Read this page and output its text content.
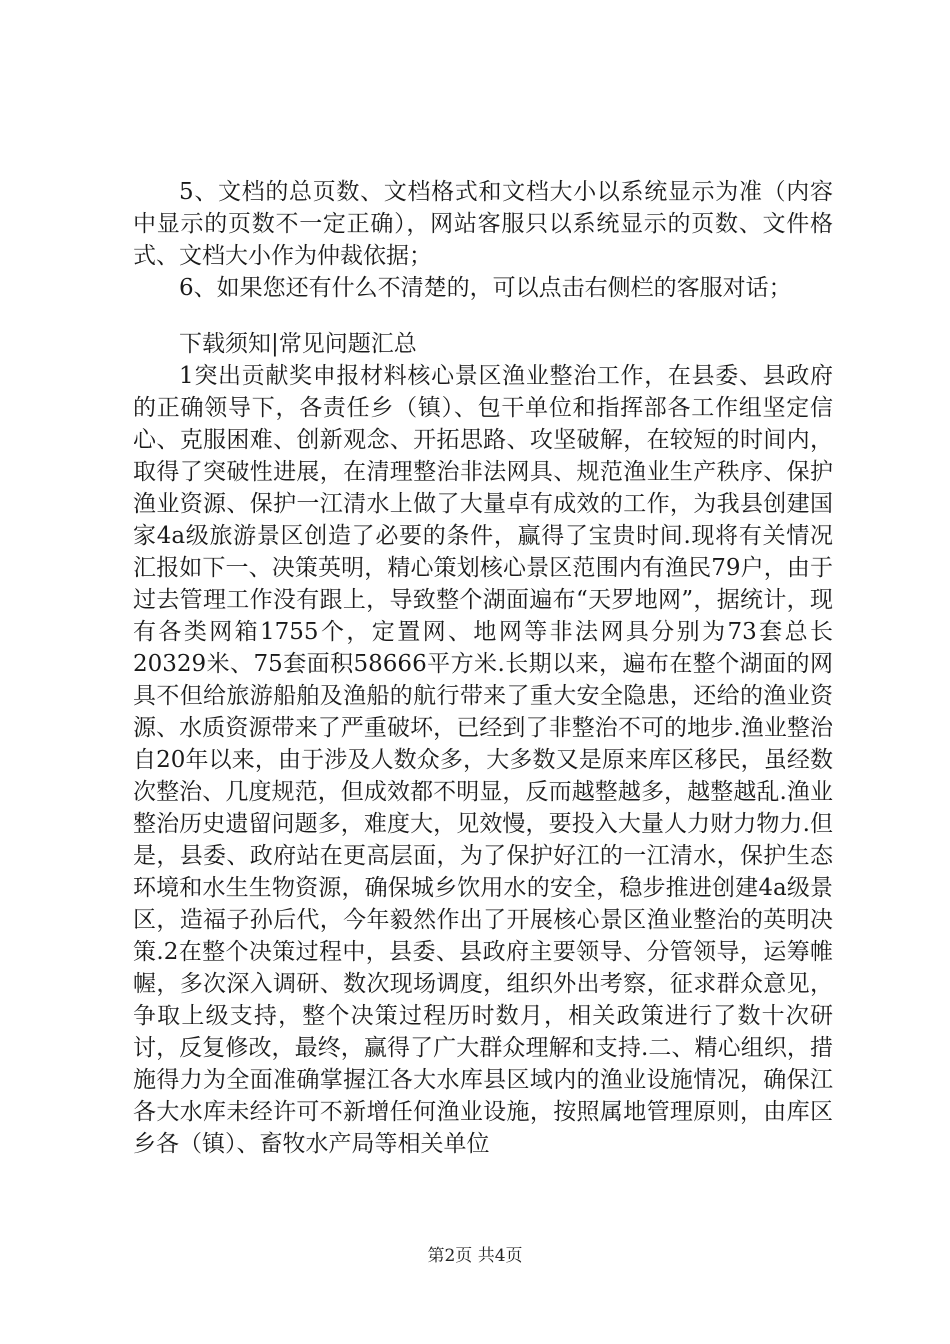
5、文档的总页数、文档格式和文档大小以系统显示为准（内容中显示的页数不一定正确），网站客服只以系统显示的页数、文件格式、文档大小作为仲裁依据；

6、如果您还有什么不清楚的，可以点击右侧栏的客服对话；

下载须知|常见问题汇总

1突出贡献奖申报材料核心景区渔业整治工作，在县委、县政府的正确领导下，各责任乡（镇）、包干单位和指挥部各工作组坚定信心、克服困难、创新观念、开拓思路、攻坚破解，在较短的时间内，取得了突破性进展，在清理整治非法网具、规范渔业生产秩序、保护渔业资源、保护一江清水上做了大量卓有成效的工作，为我县创建国家4a级旅游景区创造了必要的条件，赢得了宝贵时间.现将有关情况汇报如下一、决策英明，精心策划核心景区范围内有渔民79户，由于过去管理工作没有跟上，导致整个湖面遍布“天罗地网”，据统计，现有各类网箱1755个，定置网、地网等非法网具分别为73套总长20329米、75套面积58666平方米.长期以来，遍布在整个湖面的网具不但给旅游船舶及渔船的航行带来了重大安全隐患，还给的渔业资源、水质资源带来了严重破坏，已经到了非整治不可的地步.渔业整治自20年以来，由于涉及人数众多，大多数又是原来库区移民，虽经数次整治、几度规范，但成效都不明显，反而越整越多，越整越乱.渔业整治历史遗留问题多，难度大，见效慢，要投入大量人力财力物力.但是，县委、政府站在更高层面，为了保护好江的一江清水，保护生态环境和水生生物资源，确保城乡饮用水的安全，稳步推进创建4a级景区，造福子孙后代，今年毅然作出了开展核心景区渔业整治的英明决策.2在整个决策过程中，县委、县政府主要领导、分管领导，运筹帷幄，多次深入调研、数次现场调度，组织外出考察，征求群众意见，争取上级支持，整个决策过程历时数月，相关政策进行了数十次研讨，反复修改，最终，赢得了广大群众理解和支持.二、精心组织，措施得力为全面准确掌握江各大水库县区域内的渔业设施情况，确保江各大水库未经许可不新增任何渔业设施，按照属地管理原则，由库区乡各（镇）、畜牧水产局等相关单位

第2页 共4页
